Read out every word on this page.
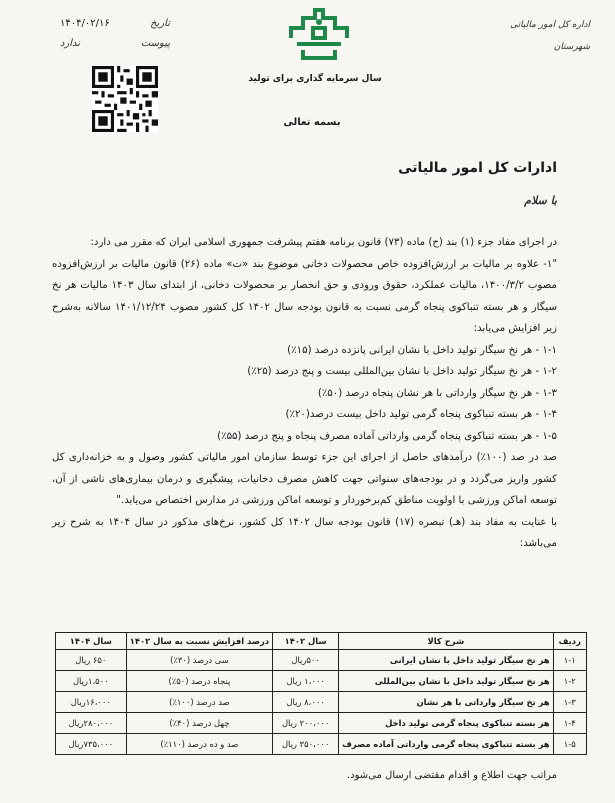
تاریخ
۱۴۰۴/۰۲/۱۶
پیوست
ندارد
سال سرمایه گذاری برای تولید
بسمه تعالی
اداره کل امور مالیاتی
شهرستان
ادارات کل امور مالیاتی
با سلام

در اجرای مفاد جزء (۱) بند (ح) ماده (۷۳) قانون برنامه هفتم پیشرفت جمهوری اسلامی ایران که مقرر می دارد:

"۱- علاوه بر مالیات بر ارزش‌افزوده خاص محصولات دخانی موضوع بند «ت» ماده (۲۶) قانون مالیات بر ارزش‌افزوده مصوب ۱۴۰۰/۳/۲، مالیات عملکرد، حقوق ورودی و حق انحصار بر محصولات دخانی، از ابتدای سال ۱۴۰۳ مالیات هر نخ سیگار و هر بسته تنباکوی پنجاه گرمی نسبت به قانون بودجه سال ۱۴۰۲ کل کشور مصوب ۱۴۰۱/۱۲/۲۴ سالانه به‌شرح زیر افزایش می‌یابد:

۱-۱ - هر نخ سیگار تولید داخل با نشان ایرانی پانزده درصد (۱۵٪)

۱-۲ - هر نخ سیگار تولید داخل با نشان بین‌المللی بیست و پنج درصد (۲۵٪)

۱-۳ - هر نخ سیگار وارداتی با هر نشان پنجاه درصد (۵۰٪)

۱-۴ - هر بسته تنباکوی پنجاه گرمی تولید داخل بیست درصد(۲۰٪)

۱-۵ - هر بسته تنباکوی پنجاه گرمی وارداتی آماده مصرف پنجاه و پنج درصد (۵۵٪)

صد در صد (۱۰۰٪) درآمدهای حاصل از اجرای این جزء توسط سازمان امور مالیاتی کشور وصول و به خزانه‌داری کل کشور واریز می‌گردد و در بودجه‌های سنواتی جهت کاهش مصرف دخانیات، پیشگیری و درمان بیماری‌های ناشی از آن، توسعه اماکن ورزشی با اولویت مناطق کم‌برخوردار و توسعه اماکن ورزشی در مدارس اختصاص می‌یابد."

با عنایت به مفاد بند (هـ) تبصره (۱۷) قانون بودجه سال ۱۴۰۲ کل کشور، نرخ‌های مذکور در سال ۱۴۰۴ به شرح زیر می‌باشد:

ردیف	شرح کالا	سال ۱۴۰۲	درصد افزایش نسبت به سال ۱۴۰۲	سال ۱۴۰۴
۱-۱	هر نخ سیگار تولید داخل با نشان ایرانی	۵۰۰ریال	سی درصد (۳۰٪)	۶۵۰ ریال
۱-۲	هر نخ سیگار تولید داخل با نشان بین‌المللی	۱،۰۰۰ ریال	پنجاه درصد (۵۰٪)	۱،۵۰۰ریال
۱-۳	هر نخ سیگار وارداتی با هر نشان	۸،۰۰۰ ریال	صد درصد (۱۰۰٪)	۱۶،۰۰۰ریال
۱-۴	هر بسته تنباکوی پنجاه گرمی تولید داخل	۲۰۰،۰۰۰ ریال	چهل درصد (۴۰٪)	۲۸۰،۰۰۰ریال
۱-۵	هر بسته تنباکوی پنجاه گرمی وارداتی آماده مصرف	۳۵۰،۰۰۰ ریال	صد و ده درصد (۱۱۰٪)	۷۳۵،۰۰۰ریال
مراتب جهت اطلاع و اقدام مقتضی ارسال می‌شود.
